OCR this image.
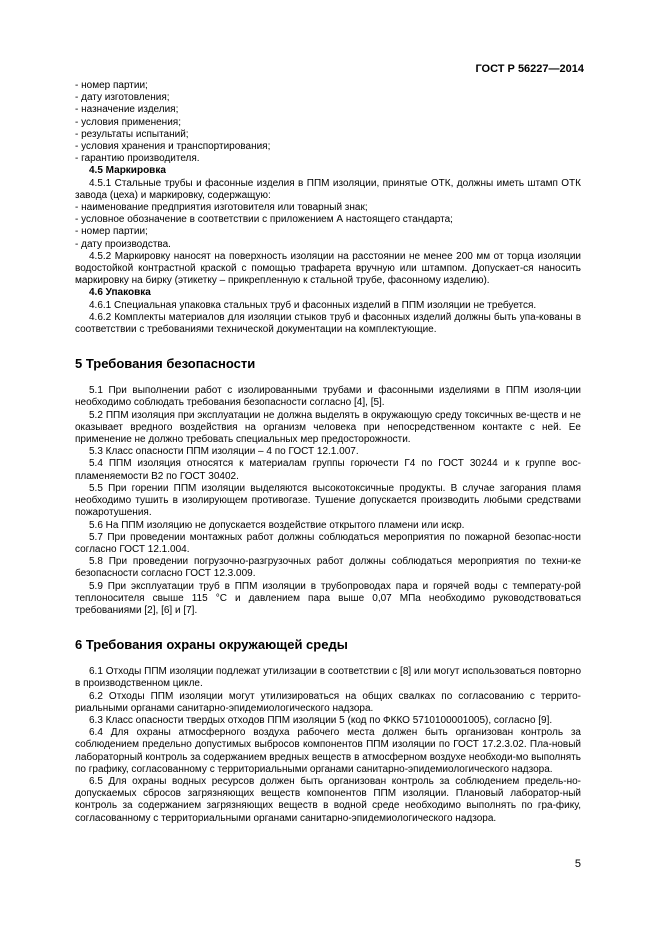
ГОСТ Р 56227—2014
- номер партии;
- дату изготовления;
- назначение изделия;
- условия применения;
- результаты испытаний;
- условия хранения и транспортирования;
- гарантию производителя.
4.5 Маркировка
4.5.1 Стальные трубы и фасонные изделия в ППМ изоляции, принятые ОТК, должны иметь штамп ОТК завода (цеха) и маркировку, содержащую:
- наименование предприятия изготовителя или товарный знак;
- условное обозначение в соответствии с приложением А настоящего стандарта;
- номер партии;
- дату производства.
4.5.2 Маркировку наносят на поверхность изоляции на расстоянии не менее 200 мм от торца изоляции водостойкой контрастной краской с помощью трафарета вручную или штампом. Допускает-ся наносить маркировку на бирку (этикетку – прикрепленную к стальной трубе, фасонному изделию).
4.6 Упаковка
4.6.1 Специальная упаковка стальных труб и фасонных изделий в ППМ изоляции не требуется.
4.6.2 Комплекты материалов для изоляции стыков труб и фасонных изделий должны быть упа-кованы в соответствии с требованиями технической документации на комплектующие.
5 Требования безопасности
5.1 При выполнении работ с изолированными трубами и фасонными изделиями в ППМ изоля-ции необходимо соблюдать требования безопасности согласно [4], [5].
5.2 ППМ изоляция при эксплуатации не должна выделять в окружающую среду токсичных ве-ществ и не оказывает вредного воздействия на организм человека при непосредственном контакте с ней. Ее применение не должно требовать специальных мер предосторожности.
5.3 Класс опасности ППМ изоляции – 4 по ГОСТ 12.1.007.
5.4 ППМ изоляция относятся к материалам группы горючести Г4 по ГОСТ 30244 и к группе вос-пламеняемости В2 по ГОСТ 30402.
5.5 При горении ППМ изоляции выделяются высокотоксичные продукты. В случае загорания пламя необходимо тушить в изолирующем противогазе. Тушение допускается производить любыми средствами пожаротушения.
5.6 На ППМ изоляцию не допускается воздействие открытого пламени или искр.
5.7 При проведении монтажных работ должны соблюдаться мероприятия по пожарной безопас-ности согласно ГОСТ 12.1.004.
5.8 При проведении погрузочно-разгрузочных работ должны соблюдаться мероприятия по техни-ке безопасности согласно ГОСТ 12.3.009.
5.9 При эксплуатации труб в ППМ изоляции в трубопроводах пара и горячей воды с температу-рой теплоносителя свыше 115 °С и давлением пара выше 0,07 МПа необходимо руководствоваться требованиями [2], [6] и [7].
6 Требования охраны окружающей среды
6.1 Отходы ППМ изоляции подлежат утилизации в соответствии с [8] или могут использоваться повторно в производственном цикле.
6.2 Отходы ППМ изоляции могут утилизироваться на общих свалках по согласованию с террито-риальными органами санитарно-эпидемиологического надзора.
6.3 Класс опасности твердых отходов ППМ изоляции 5 (код по ФККО 5710100001005), согласно [9].
6.4 Для охраны атмосферного воздуха рабочего места должен быть организован контроль за соблюдением предельно допустимых выбросов компонентов ППМ изоляции по ГОСТ 17.2.3.02. Пла-новый лабораторный контроль за содержанием вредных веществ в атмосферном воздухе необходи-мо выполнять по графику, согласованному с территориальными органами санитарно-эпидемиологического надзора.
6.5 Для охраны водных ресурсов должен быть организован контроль за соблюдением предель-но-допускаемых сбросов загрязняющих веществ компонентов ППМ изоляции. Плановый лаборатор-ный контроль за содержанием загрязняющих веществ в водной среде необходимо выполнять по гра-фику, согласованному с территориальными органами санитарно-эпидемиологического надзора.
5
